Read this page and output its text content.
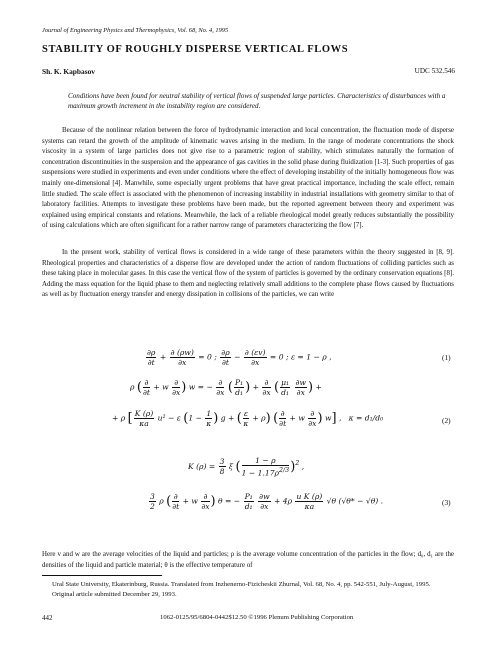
Journal of Engineering Physics and Thermophysics, Vol. 68, No. 4, 1995
STABILITY OF ROUGHLY DISPERSE VERTICAL FLOWS
Sh. K. Kapbasov	UDC 532.546
Conditions have been found for neutral stability of vertical flows of suspended large particles. Characteristics of disturbances with a maximum growth increment in the instability region are considered.
Because of the nonlinear relation between the force of hydrodynamic interaction and local concentration, the fluctuation mode of disperse systems can retard the growth of the amplitude of kinematic waves arising in the medium. In the range of moderate concentrations the shock viscosity in a system of large particles does not give rise to a parametric region of stability, which stimulates naturally the formation of concentration discontinuities in the suspension and the appearance of gas cavities in the solid phase during fluidization [1-3]. Such properties of gas suspensions were studied in experiments and even under conditions where the effect of developing instability of the initially homogeneous flow was mainly one-dimensional [4]. Manwhile, some especially urgent problems that have great practical importance, including the scale effect, remain little studied. The scale effect is associated with the phenomenon of increasing instability in industrial installations with geometry similar to that of laboratory facilities. Attempts to investigate these problems have been made, but the reported agreement between theory and experiment was explained using empirical constants and relations. Meanwhile, the lack of a reliable rheological model greatly reduces substantially the possibility of using calculations which are often significant for a rather narrow range of parameters characterizing the flow [7].
In the present work, stability of vertical flows is considered in a wide range of these parameters within the theory suggested in [8, 9]. Rheological properties and characteristics of a disperse flow are developed under the action of random fluctuations of colliding particles such as these taking place in molecular gases. In this case the vertical flow of the system of particles is governed by the ordinary conservation equations [8]. Adding the mass equation for the liquid phase to them and neglecting relatively small additions to the complete phase flows caused by fluctuations as well as by fluctuation energy transfer and energy dissipation in collisions of the particles, we can write
$\frac{\partial\rho}{\partial t} + \frac{\partial (\rho w)}{\partial x} = 0$ ; $\frac{\partial\rho}{\partial t} - \frac{\partial (\varepsilon v)}{\partial x} = 0$ ; ε = 1 − ρ ,	(1)
ρ ( $\frac{\partial}{\partial t} + w \frac{\partial}{\partial x}$ ) w = − $\frac{\partial}{\partial x}$ ( $\frac{\text{P₁}}{\text{d₁}}$ ) + $\frac{\partial}{\partial x}$ ( $\frac{\text{μ₁}}{\text{d₁}}$
$\frac{\partial w}{\partial x}$ ) +
+ ρ [ $\frac{K (\rho)}{\kappa a} u^2 - \varepsilon$ ($1 - \frac{1}{\kappa}$ ) g + ( $\frac{\varepsilon}{\kappa} + \rho$) ( $\frac{\partial}{\partial t} + w \frac{\partial}{\partial x}$ ) w] ,   κ = d₁/d₀	(2)
K $(\rho) = \frac{3}{8}$ ξ ( $\frac{1 - \rho}{1 - 1.17\rho^{2/3}} )^2$ ,
$\frac{3}{2}$ ρ ( $\frac{\partial}{\partial t} + w \frac{\partial}{\partial x}$ ) θ = − $\frac{\text{P₁}}{\text{d₁}}$
$\frac{\partial w}{\partial x} + 4\rho \frac{\text{u K (ρ)}}{\kappa a} √\theta$ (√θ* − √θ) .	(3)
Here v and w are the average velocities of the liquid and particles; ρ is the average volume concentration of the particles in the flow; d₀, d₁ are the densities of the liquid and particle material; θ is the effective temperature of
Ural State University, Ekaterinburg, Russia. Translated from Inzhenerno-Fizicheskii Zhurnal, Vol. 68, No. 4, pp. 542-551, July-August, 1995. Original article submitted December 29, 1993.
442	1062-0125/95/6804-0442$12.50 ©1996 Plenum Publishing Corporation
